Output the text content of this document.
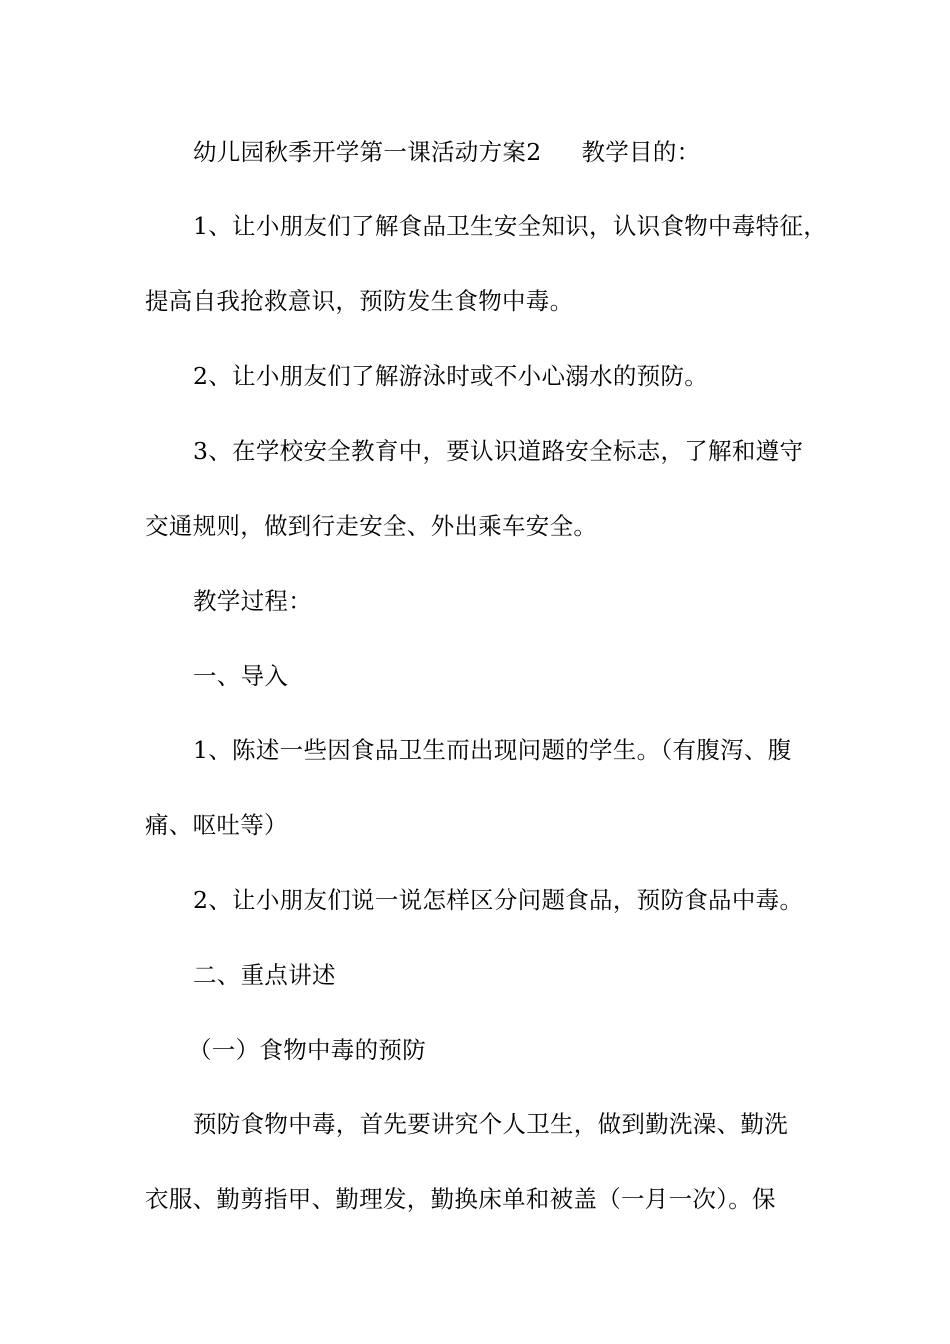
幼儿园秋季开学第一课活动方案2 教学目的：
1、让小朋友们了解食品卫生安全知识，认识食物中毒特征，
提高自我抢救意识，预防发生食物中毒。
2、让小朋友们了解游泳时或不小心溺水的预防。
3、在学校安全教育中，要认识道路安全标志，了解和遵守
交通规则，做到行走安全、外出乘车安全。
教学过程：
一、导入
1、陈述一些因食品卫生而出现问题的学生。（有腹泻、腹
痛、呕吐等）
2、让小朋友们说一说怎样区分问题食品，预防食品中毒。
二、重点讲述
（一）食物中毒的预防
预防食物中毒，首先要讲究个人卫生，做到勤洗澡、勤洗
衣服、勤剪指甲、勤理发，勤换床单和被盖（一月一次）。保
